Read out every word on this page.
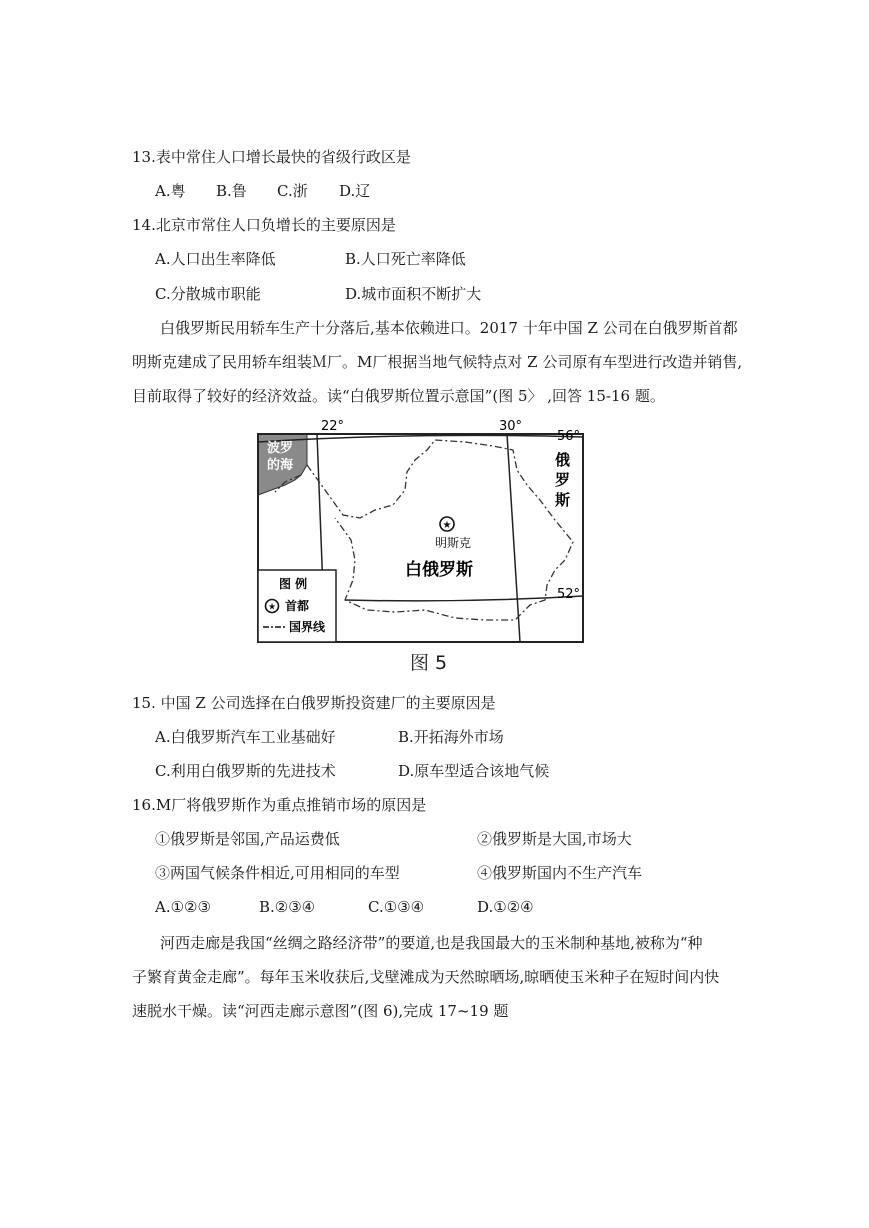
13.表中常住人口增长最快的省级行政区是
A.粤 B.鲁 C.浙 D.辽
14.北京市常住人口负增长的主要原因是
A.人口出生率降低	B.人口死亡率降低
C.分散城市职能	D.城市面积不断扩大
白俄罗斯民用轿车生产十分落后,基本依赖进口。2017 十年中国 Z 公司在白俄罗斯首都
明斯克建成了民用轿车组装Ｍ厂。M厂根据当地气候特点对 Z 公司原有车型进行改造并销售,
目前取得了较好的经济效益。读“白俄罗斯位置示意国”(图 5〉 ,回答 15-16 题。
★
★
22°	30°
56°
52°
波罗
的海	俄
罗
斯
明斯克
白俄罗斯
图 例
首都
国界线
图 5
15. 中国 Z 公司选择在白俄罗斯投资建厂的主要原因是
A.白俄罗斯汽车工业基础好	B.开拓海外市场
C.利用白俄罗斯的先进技术	D.原车型适合该地气候
16.M厂将俄罗斯作为重点推销市场的原因是
①俄罗斯是邻国,产品运费低	②俄罗斯是大国,市场大
③两国气候条件相近,可用相同的车型	④俄罗斯国内不生产汽车
A.①②③	B.②③④	C.①③④	D.①②④
河西走廊是我国“丝绸之路经济带”的要道,也是我国最大的玉米制种基地,被称为“种
子繁育黄金走廊”。每年玉米收获后,戈壁滩成为天然晾晒场,晾晒使玉米种子在短时间内快
速脱水干燥。读“河西走廊示意图”(图 6),完成 17~19 题
